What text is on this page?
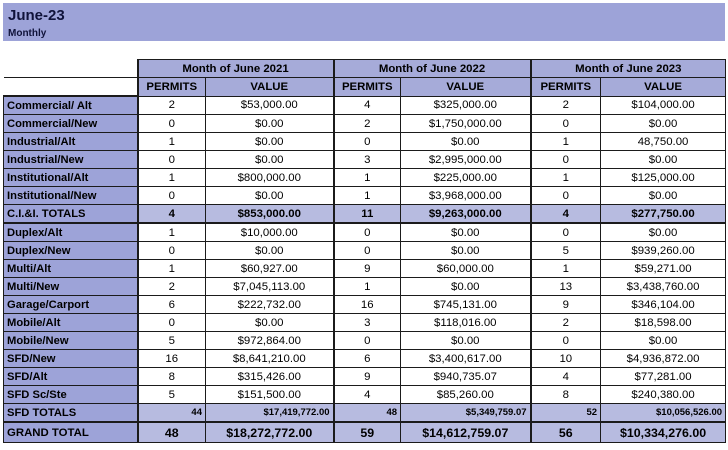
June-23
Monthly
	Month of June 2021		Month of June 2022		Month of June 2023	
	PERMITS	VALUE	PERMITS	VALUE	PERMITS	VALUE
Commercial/ Alt	2	$53,000.00	4	$325,000.00	2	$104,000.00
Commercial/New	0	$0.00	2	$1,750,000.00	0	$0.00
Industrial/Alt	1	$0.00	0	$0.00	1	48,750.00
Industrial/New	0	$0.00	3	$2,995,000.00	0	$0.00
Institutional/Alt	1	$800,000.00	1	$225,000.00	1	$125,000.00
Institutional/New	0	$0.00	1	$3,968,000.00	0	$0.00
C.I.&I. TOTALS	4	$853,000.00	11	$9,263,000.00	4	$277,750.00
Duplex/Alt	1	$10,000.00	0	$0.00	0	$0.00
Duplex/New	0	$0.00	0	$0.00	5	$939,260.00
Multi/Alt	1	$60,927.00	9	$60,000.00	1	$59,271.00
Multi/New	2	$7,045,113.00	1	$0.00	13	$3,438,760.00
Garage/Carport	6	$222,732.00	16	$745,131.00	9	$346,104.00
Mobile/Alt	0	$0.00	3	$118,016.00	2	$18,598.00
Mobile/New	5	$972,864.00	0	$0.00	0	$0.00
SFD/New	16	$8,641,210.00	6	$3,400,617.00	10	$4,936,872.00
SFD/Alt	8	$315,426.00	9	$940,735.07	4	$77,281.00
SFD Sc/Ste	5	$151,500.00	4	$85,260.00	8	$240,380.00
SFD TOTALS	44	$17,419,772.00	48	$5,349,759.07	52	$10,056,526.00
GRAND TOTAL	48	$18,272,772.00	59	$14,612,759.07	56	$10,334,276.00
